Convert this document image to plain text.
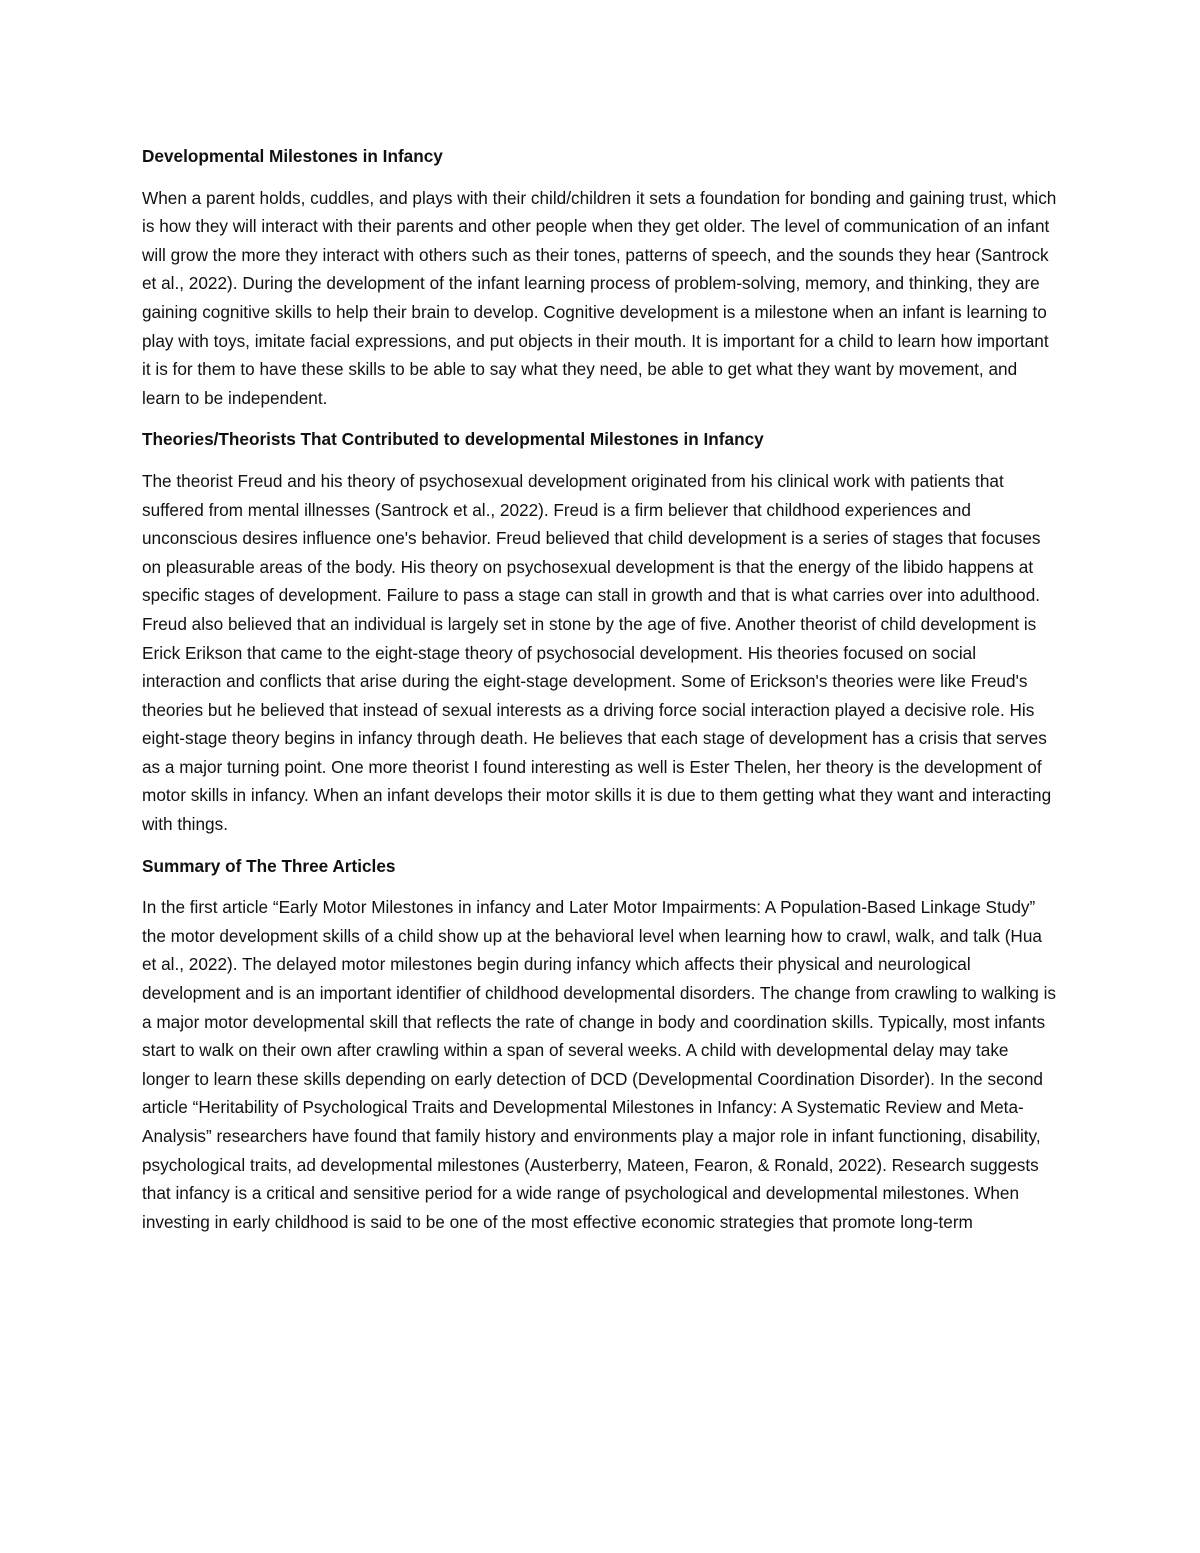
Developmental Milestones in Infancy

When a parent holds, cuddles, and plays with their child/children it sets a foundation for bonding and gaining trust, which is how they will interact with their parents and other people when they get older. The level of communication of an infant will grow the more they interact with others such as their tones, patterns of speech, and the sounds they hear (Santrock et al., 2022). During the development of the infant learning process of problem-solving, memory, and thinking, they are gaining cognitive skills to help their brain to develop. Cognitive development is a milestone when an infant is learning to play with toys, imitate facial expressions, and put objects in their mouth. It is important for a child to learn how important it is for them to have these skills to be able to say what they need, be able to get what they want by movement, and learn to be independent.

Theories/Theorists That Contributed to developmental Milestones in Infancy

The theorist Freud and his theory of psychosexual development originated from his clinical work with patients that suffered from mental illnesses (Santrock et al., 2022). Freud is a firm believer that childhood experiences and unconscious desires influence one's behavior. Freud believed that child development is a series of stages that focuses on pleasurable areas of the body. His theory on psychosexual development is that the energy of the libido happens at specific stages of development. Failure to pass a stage can stall in growth and that is what carries over into adulthood. Freud also believed that an individual is largely set in stone by the age of five. Another theorist of child development is Erick Erikson that came to the eight-stage theory of psychosocial development. His theories focused on social interaction and conflicts that arise during the eight-stage development. Some of Erickson's theories were like Freud's theories but he believed that instead of sexual interests as a driving force social interaction played a decisive role. His eight-stage theory begins in infancy through death. He believes that each stage of development has a crisis that serves as a major turning point. One more theorist I found interesting as well is Ester Thelen, her theory is the development of motor skills in infancy. When an infant develops their motor skills it is due to them getting what they want and interacting with things.

Summary of The Three Articles

In the first article “Early Motor Milestones in infancy and Later Motor Impairments: A Population-Based Linkage Study” the motor development skills of a child show up at the behavioral level when learning how to crawl, walk, and talk (Hua et al., 2022). The delayed motor milestones begin during infancy which affects their physical and neurological development and is an important identifier of childhood developmental disorders. The change from crawling to walking is a major motor developmental skill that reflects the rate of change in body and coordination skills. Typically, most infants start to walk on their own after crawling within a span of several weeks. A child with developmental delay may take longer to learn these skills depending on early detection of DCD (Developmental Coordination Disorder). In the second article “Heritability of Psychological Traits and Developmental Milestones in Infancy: A Systematic Review and Meta-Analysis” researchers have found that family history and environments play a major role in infant functioning, disability, psychological traits, ad developmental milestones (Austerberry, Mateen, Fearon, & Ronald, 2022). Research suggests that infancy is a critical and sensitive period for a wide range of psychological and developmental milestones. When investing in early childhood is said to be one of the most effective economic strategies that promote long-term
